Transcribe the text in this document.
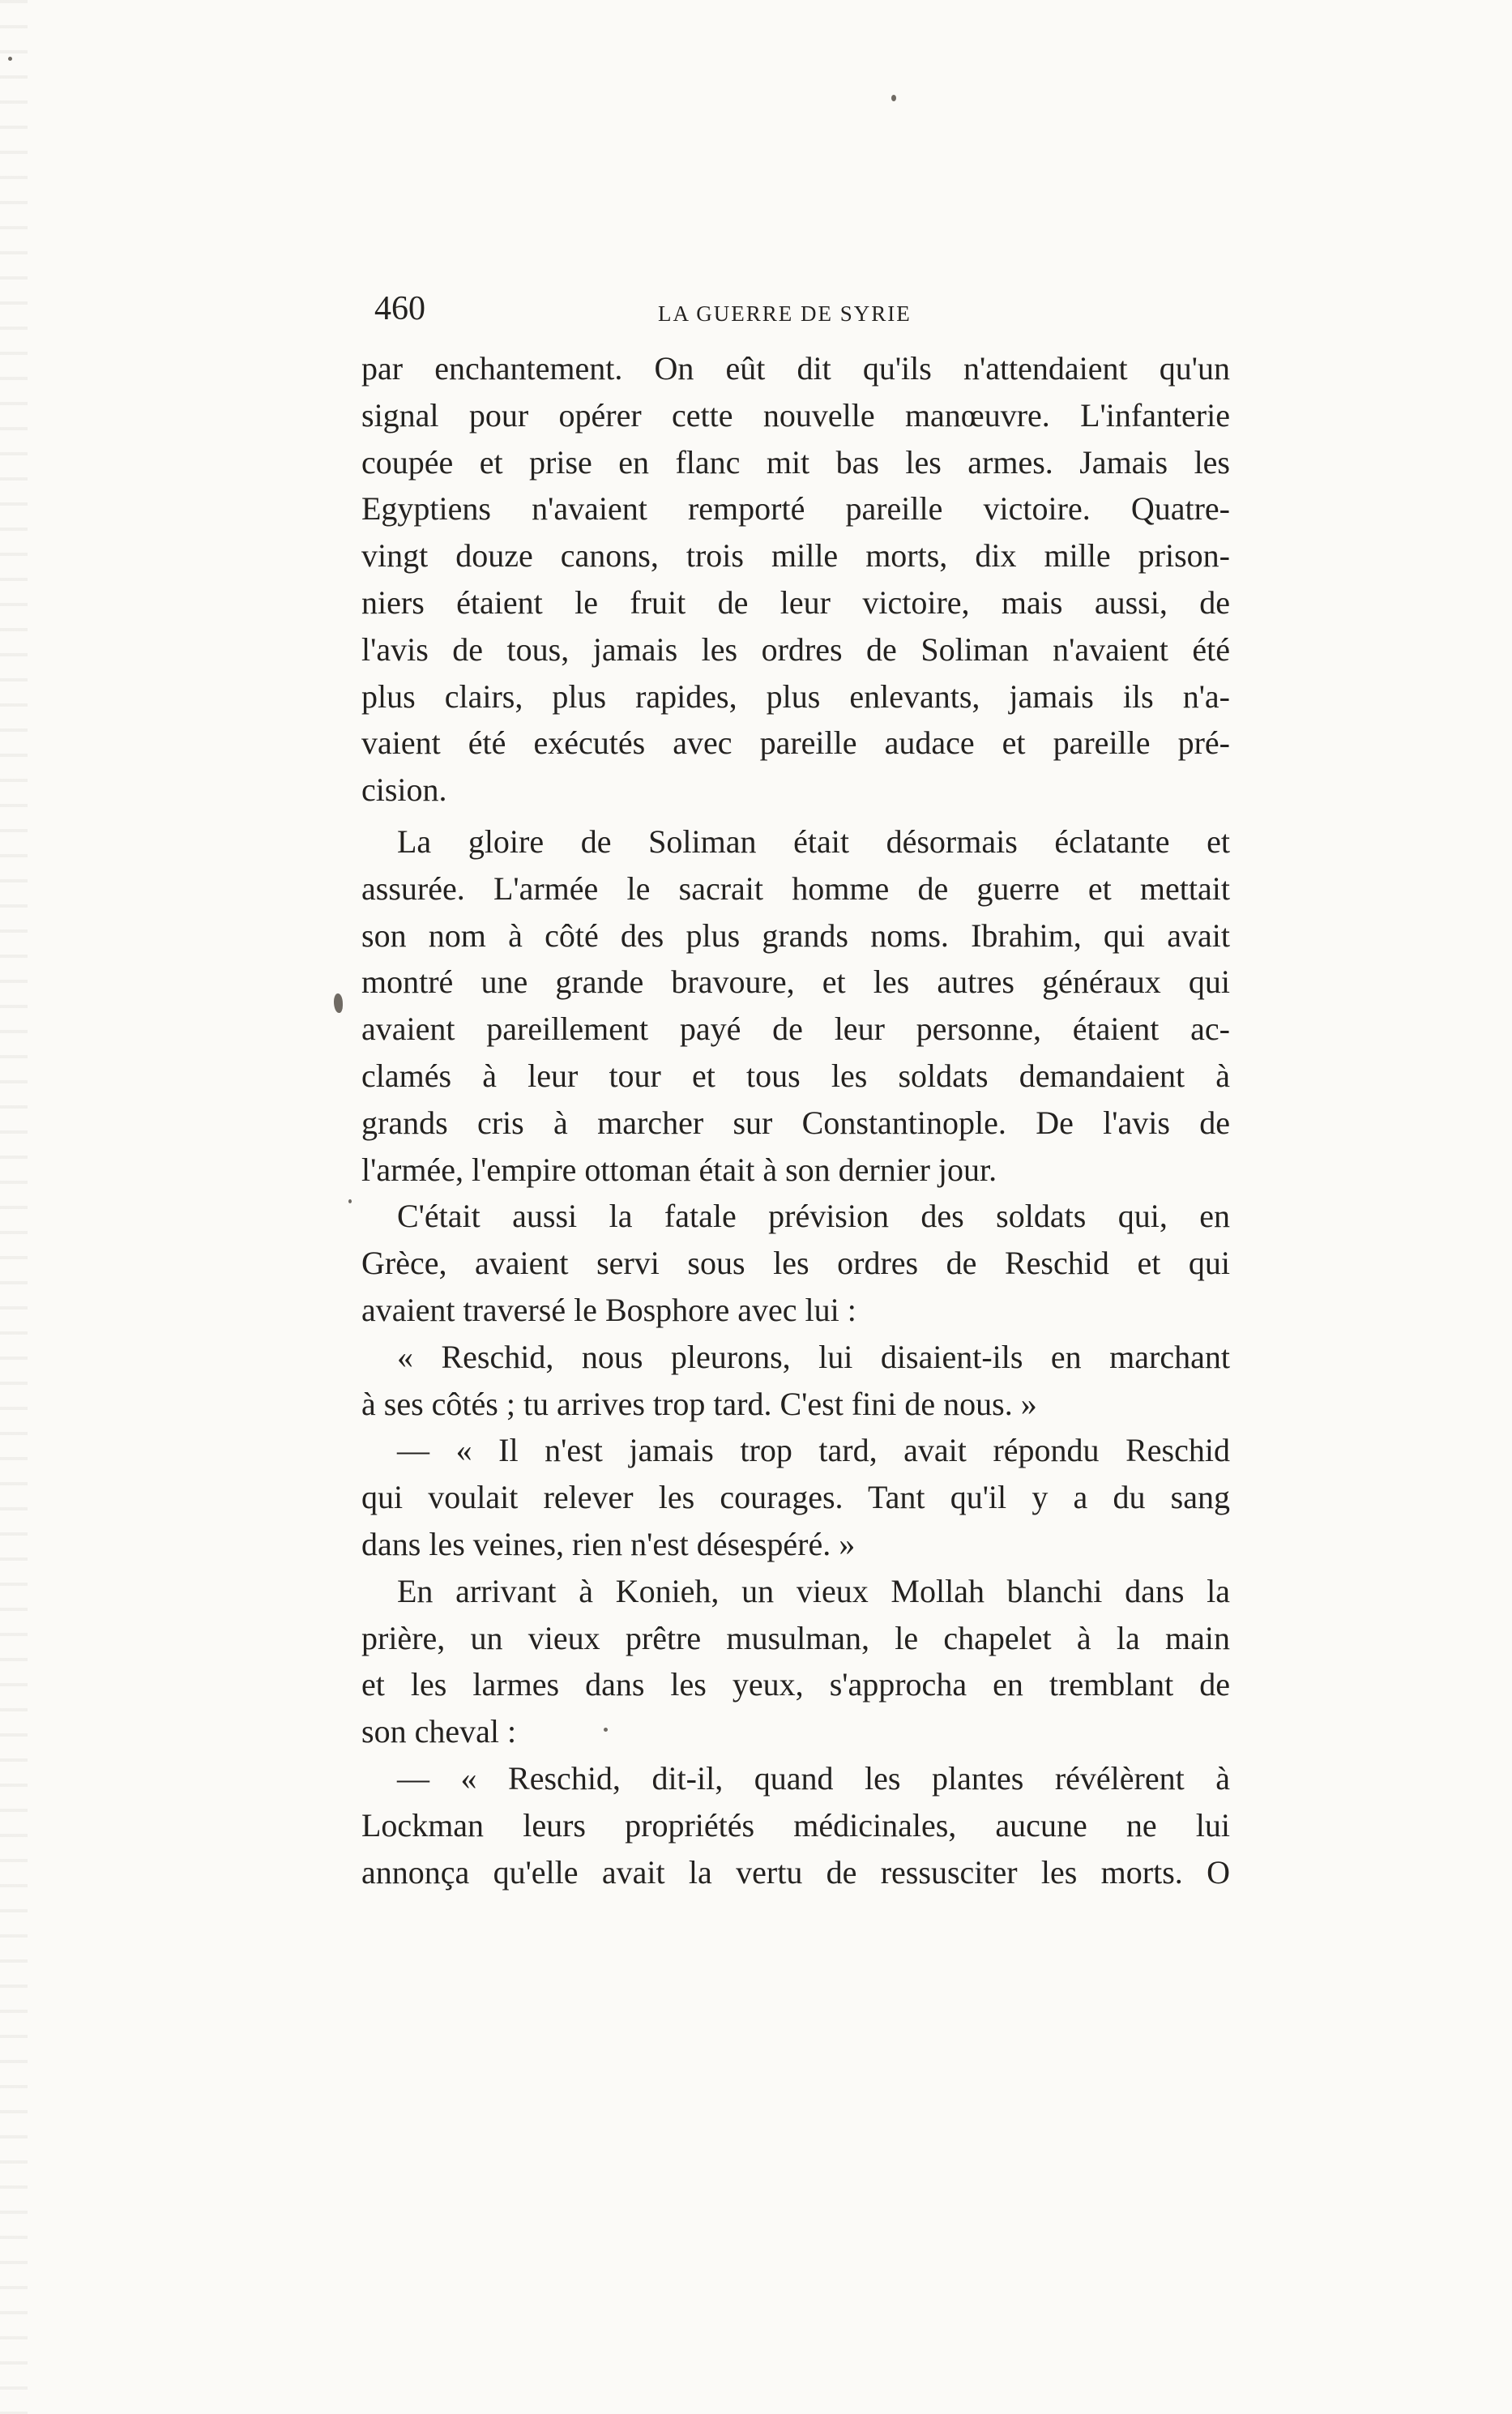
460	LA GUERRE DE SYRIE

par enchantement. On eût dit qu'ils n'attendaient qu'un
signal pour opérer cette nouvelle manœuvre. L'infanterie
coupée et prise en flanc mit bas les armes. Jamais les
Egyptiens n'avaient remporté pareille victoire. Quatre-
vingt douze canons, trois mille morts, dix mille prison-
niers étaient le fruit de leur victoire, mais aussi, de
l'avis de tous, jamais les ordres de Soliman n'avaient été
plus clairs, plus rapides, plus enlevants, jamais ils n'a-
vaient été exécutés avec pareille audace et pareille pré-
cision.

La gloire de Soliman était désormais éclatante et
assurée. L'armée le sacrait homme de guerre et mettait
son nom à côté des plus grands noms. Ibrahim, qui avait
montré une grande bravoure, et les autres généraux qui
avaient pareillement payé de leur personne, étaient ac-
clamés à leur tour et tous les soldats demandaient à
grands cris à marcher sur Constantinople. De l'avis de
l'armée, l'empire ottoman était à son dernier jour.

C'était aussi la fatale prévision des soldats qui, en
Grèce, avaient servi sous les ordres de Reschid et qui
avaient traversé le Bosphore avec lui :

« Reschid, nous pleurons, lui disaient-ils en marchant
à ses côtés ; tu arrives trop tard. C'est fini de nous. »

— « Il n'est jamais trop tard, avait répondu Reschid
qui voulait relever les courages. Tant qu'il y a du sang
dans les veines, rien n'est désespéré. »

En arrivant à Konieh, un vieux Mollah blanchi dans la
prière, un vieux prêtre musulman, le chapelet à la main
et les larmes dans les yeux, s'approcha en tremblant de
son cheval :

— « Reschid, dit-il, quand les plantes révélèrent à
Lockman leurs propriétés médicinales, aucune ne lui
annonça qu'elle avait la vertu de ressusciter les morts. O
